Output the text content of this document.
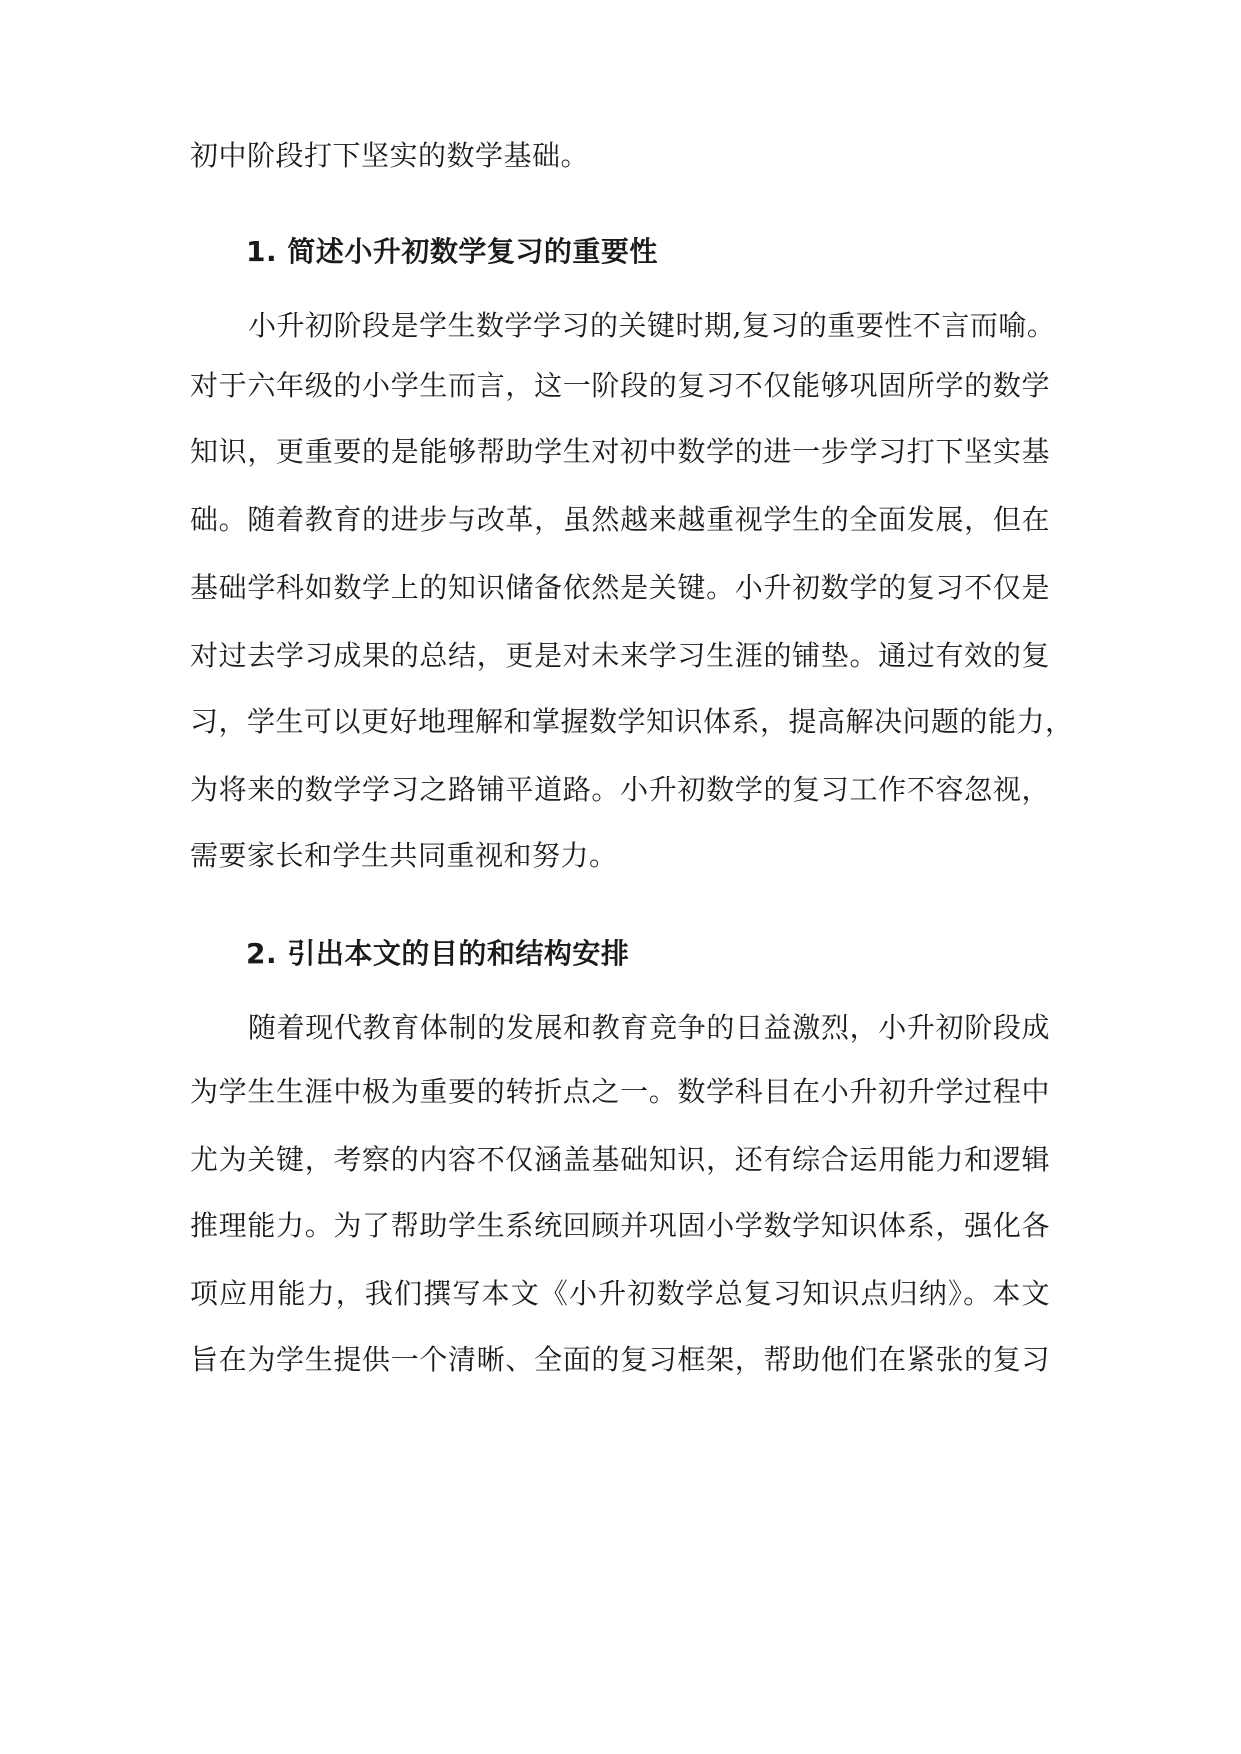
初中阶段打下坚实的数学基础。
1. 简述小升初数学复习的重要性
小升初阶段是学生数学学习的关键时期,复习的重要性不言而喻。
对于六年级的小学生而言，这一阶段的复习不仅能够巩固所学的数学
知识，更重要的是能够帮助学生对初中数学的进一步学习打下坚实基
础。随着教育的进步与改革，虽然越来越重视学生的全面发展，但在
基础学科如数学上的知识储备依然是关键。小升初数学的复习不仅是
对过去学习成果的总结，更是对未来学习生涯的铺垫。通过有效的复
习，学生可以更好地理解和掌握数学知识体系，提高解决问题的能力，
为将来的数学学习之路铺平道路。小升初数学的复习工作不容忽视，
需要家长和学生共同重视和努力。
2. 引出本文的目的和结构安排
随着现代教育体制的发展和教育竞争的日益激烈，小升初阶段成
为学生生涯中极为重要的转折点之一。数学科目在小升初升学过程中
尤为关键，考察的内容不仅涵盖基础知识，还有综合运用能力和逻辑
推理能力。为了帮助学生系统回顾并巩固小学数学知识体系，强化各
项应用能力，我们撰写本文《小升初数学总复习知识点归纳》。本文
旨在为学生提供一个清晰、全面的复习框架，帮助他们在紧张的复习
